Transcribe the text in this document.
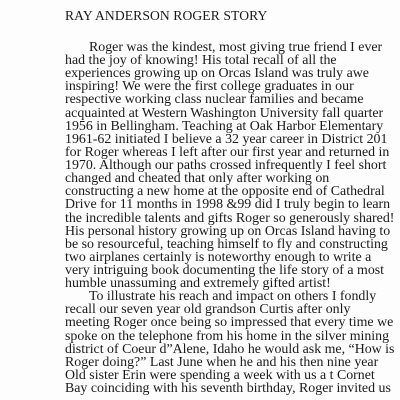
RAY ANDERSON ROGER STORY

Roger was the kindest, most giving true friend I ever

had the joy of knowing! His total recall of all the

experiences growing up on Orcas Island was truly awe

inspiring! We were the first college graduates in our

respective working class nuclear families and became

acquainted at Western Washington University fall quarter

1956 in Bellingham. Teaching at Oak Harbor Elementary

1961-62 initiated I believe a 32 year career in District 201

for Roger whereas I left after our first year and returned in

1970. Although our paths crossed infrequently I feel short

changed and cheated that only after working on

constructing a new home at the opposite end of Cathedral

Drive for 11 months in 1998 &99 did I truly begin to learn

the incredible talents and gifts Roger so generously shared!

His personal history growing up on Orcas Island having to

be so resourceful, teaching himself to fly and constructing

two airplanes certainly is noteworthy enough to write a

very intriguing book documenting the life story of a most

humble unassuming and extremely gifted artist!

To illustrate his reach and impact on others I fondly

recall our seven year old grandson Curtis after only

meeting Roger once being so impressed that every time we

spoke on the telephone from his home in the silver mining

district of Coeur d”Alene, Idaho he would ask me, “How is

Roger doing?” Last June when he and his then nine year

Old sister Erin were spending a week with us a t Cornet

Bay coinciding with his seventh birthday, Roger invited us
